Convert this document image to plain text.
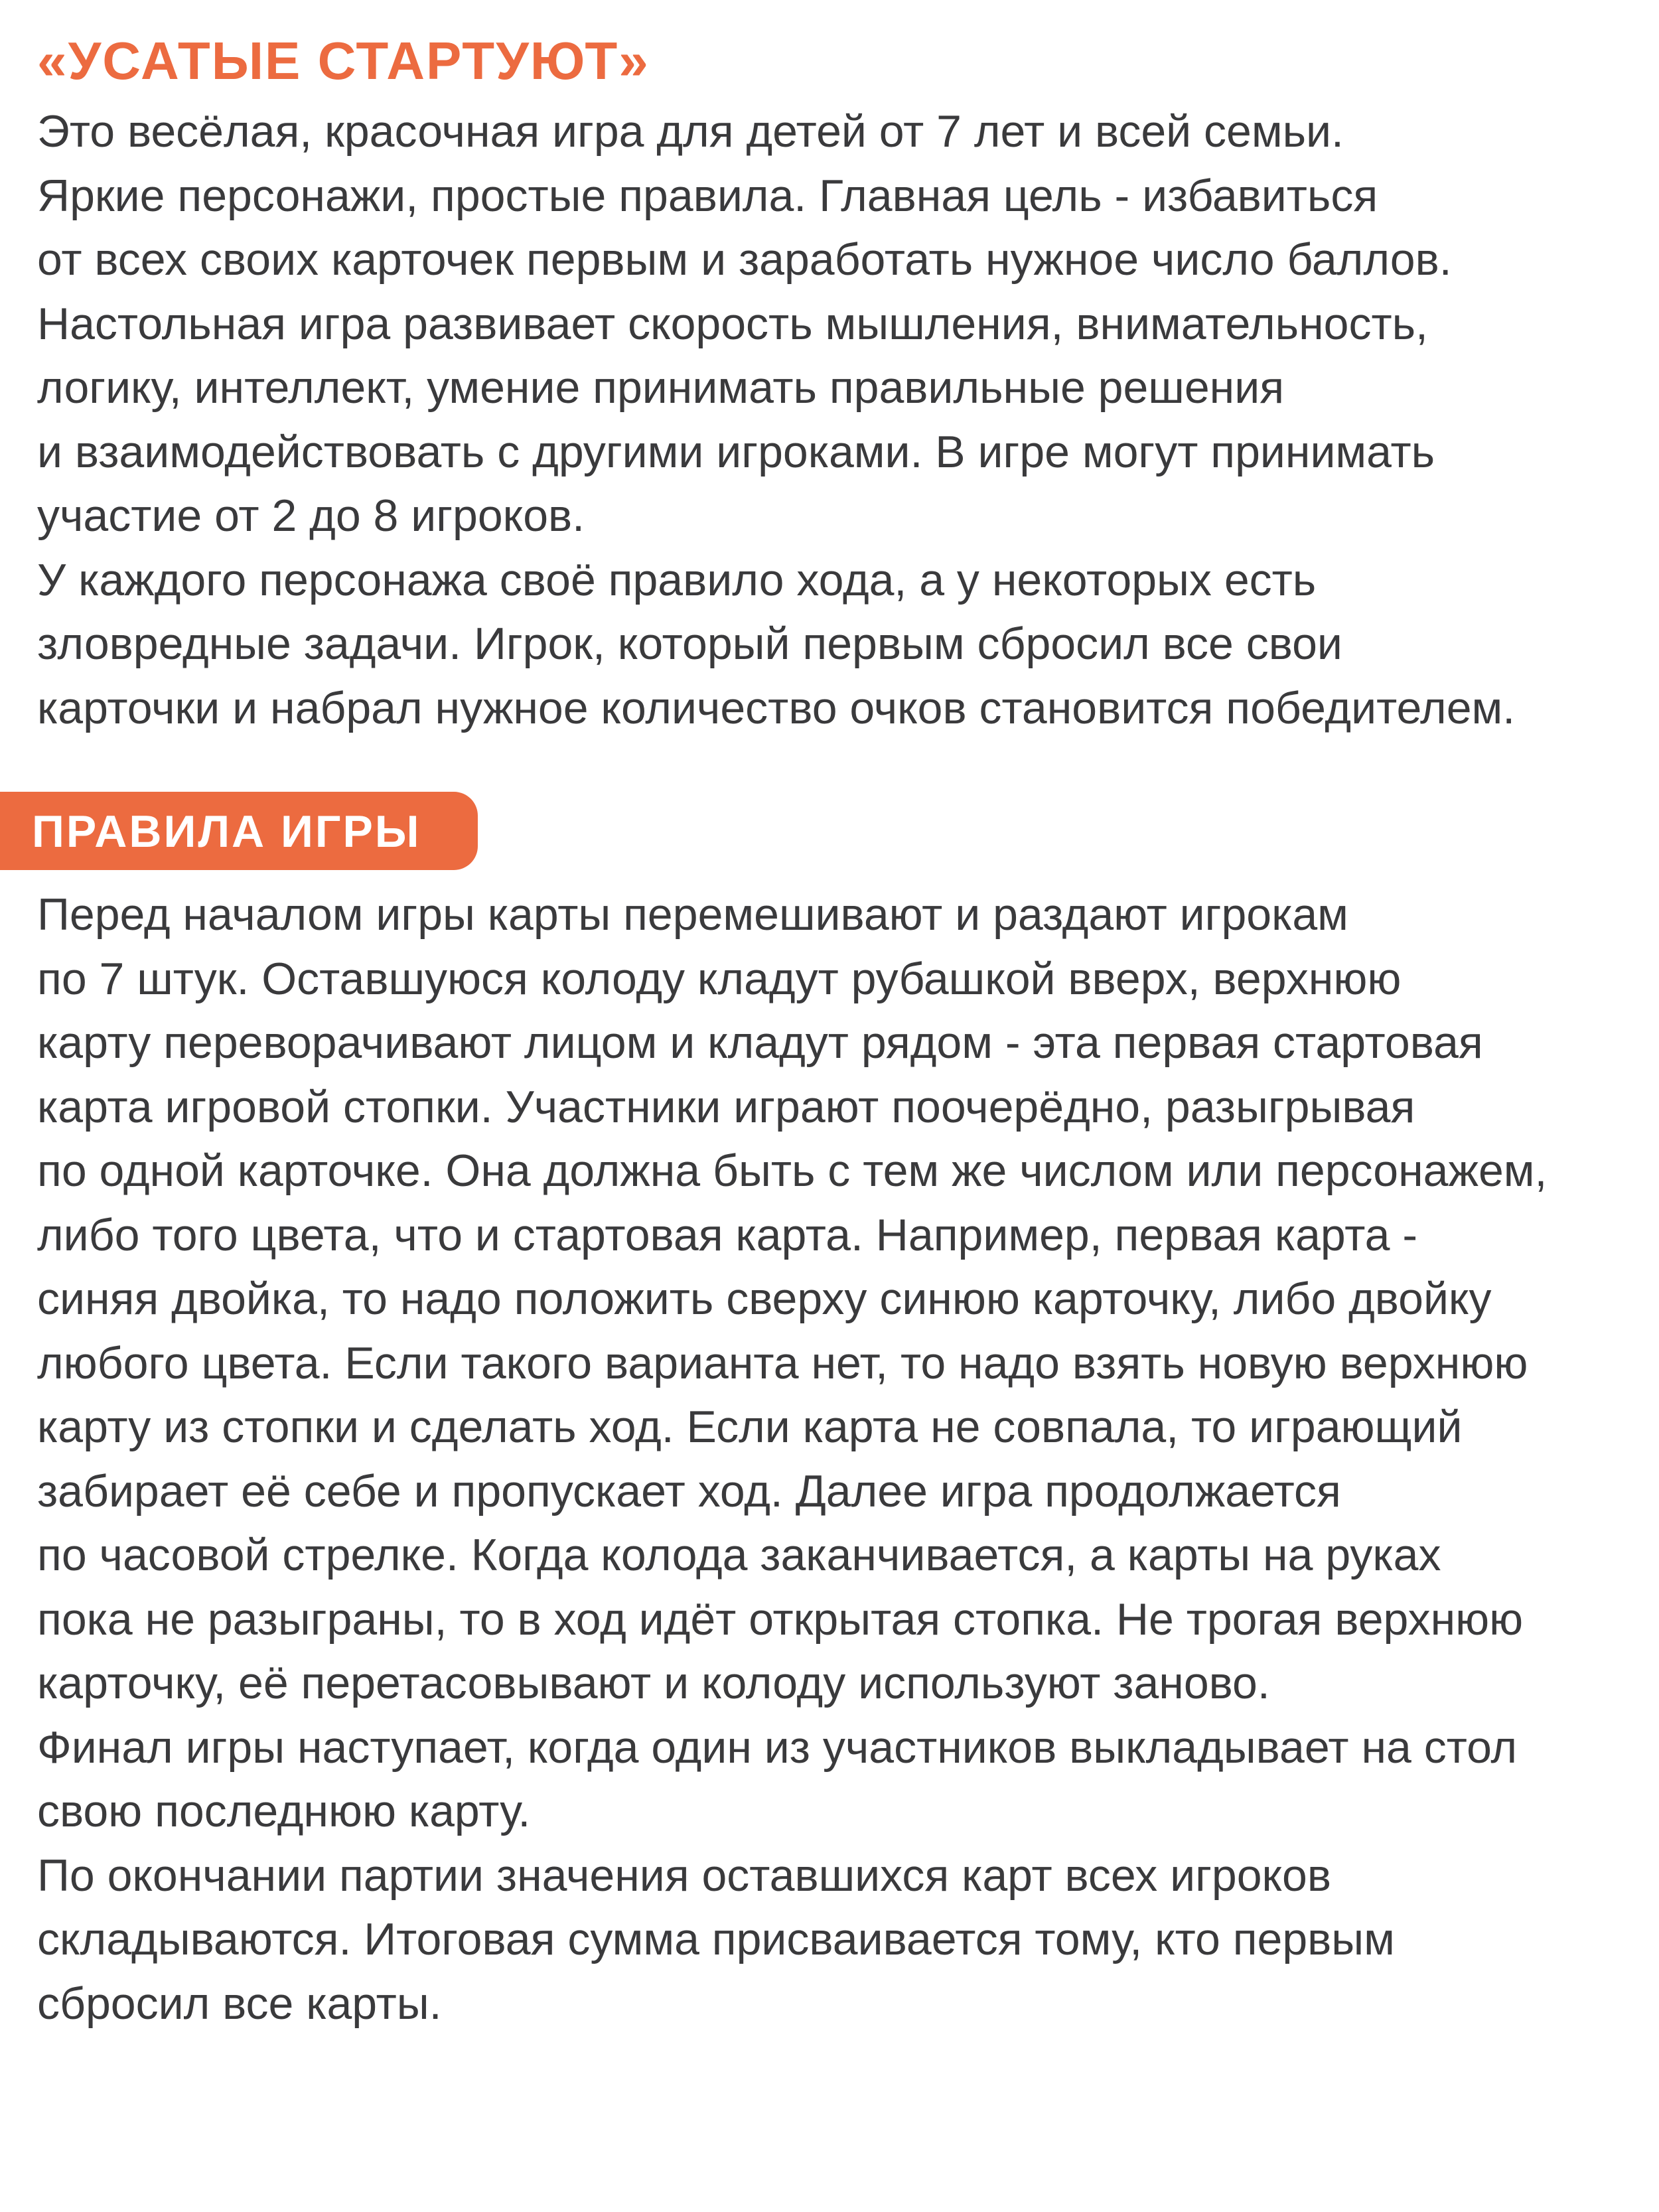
«УСАТЫЕ СТАРТУЮТ»
Это весёлая, красочная игра для детей от 7 лет и всей семьи.
Яркие персонажи, простые правила. Главная цель - избавиться
от всех своих карточек первым и заработать нужное число баллов.
Настольная игра развивает скорость мышления, внимательность,
логику, интеллект, умение принимать правильные решения
и взаимодействовать с другими игроками. В игре могут принимать
участие от 2 до 8 игроков.
У каждого персонажа своё правило хода, а у некоторых есть
зловредные задачи. Игрок, который первым сбросил все свои
карточки и набрал нужное количество очков становится победителем.
ПРАВИЛА ИГРЫ
Перед началом игры карты перемешивают и раздают игрокам
по 7 штук. Оставшуюся колоду кладут рубашкой вверх, верхнюю
карту переворачивают лицом и кладут рядом - эта первая стартовая
карта игровой стопки. Участники играют поочерёдно, разыгрывая
по одной карточке. Она должна быть с тем же числом или персонажем,
либо того цвета, что и стартовая карта. Например, первая карта -
синяя двойка, то надо положить сверху синюю карточку, либо двойку
любого цвета. Если такого варианта нет, то надо взять новую верхнюю
карту из стопки и сделать ход. Если карта не совпала, то играющий
забирает её себе и пропускает ход. Далее игра продолжается
по часовой стрелке. Когда колода заканчивается, а карты на руках
пока не разыграны, то в ход идёт открытая стопка. Не трогая верхнюю
карточку, её перетасовывают и колоду используют заново.
Финал игры наступает, когда один из участников выкладывает на стол
свою последнюю карту.
По окончании партии значения оставшихся карт всех игроков
складываются. Итоговая сумма присваивается тому, кто первым
сбросил все карты.
